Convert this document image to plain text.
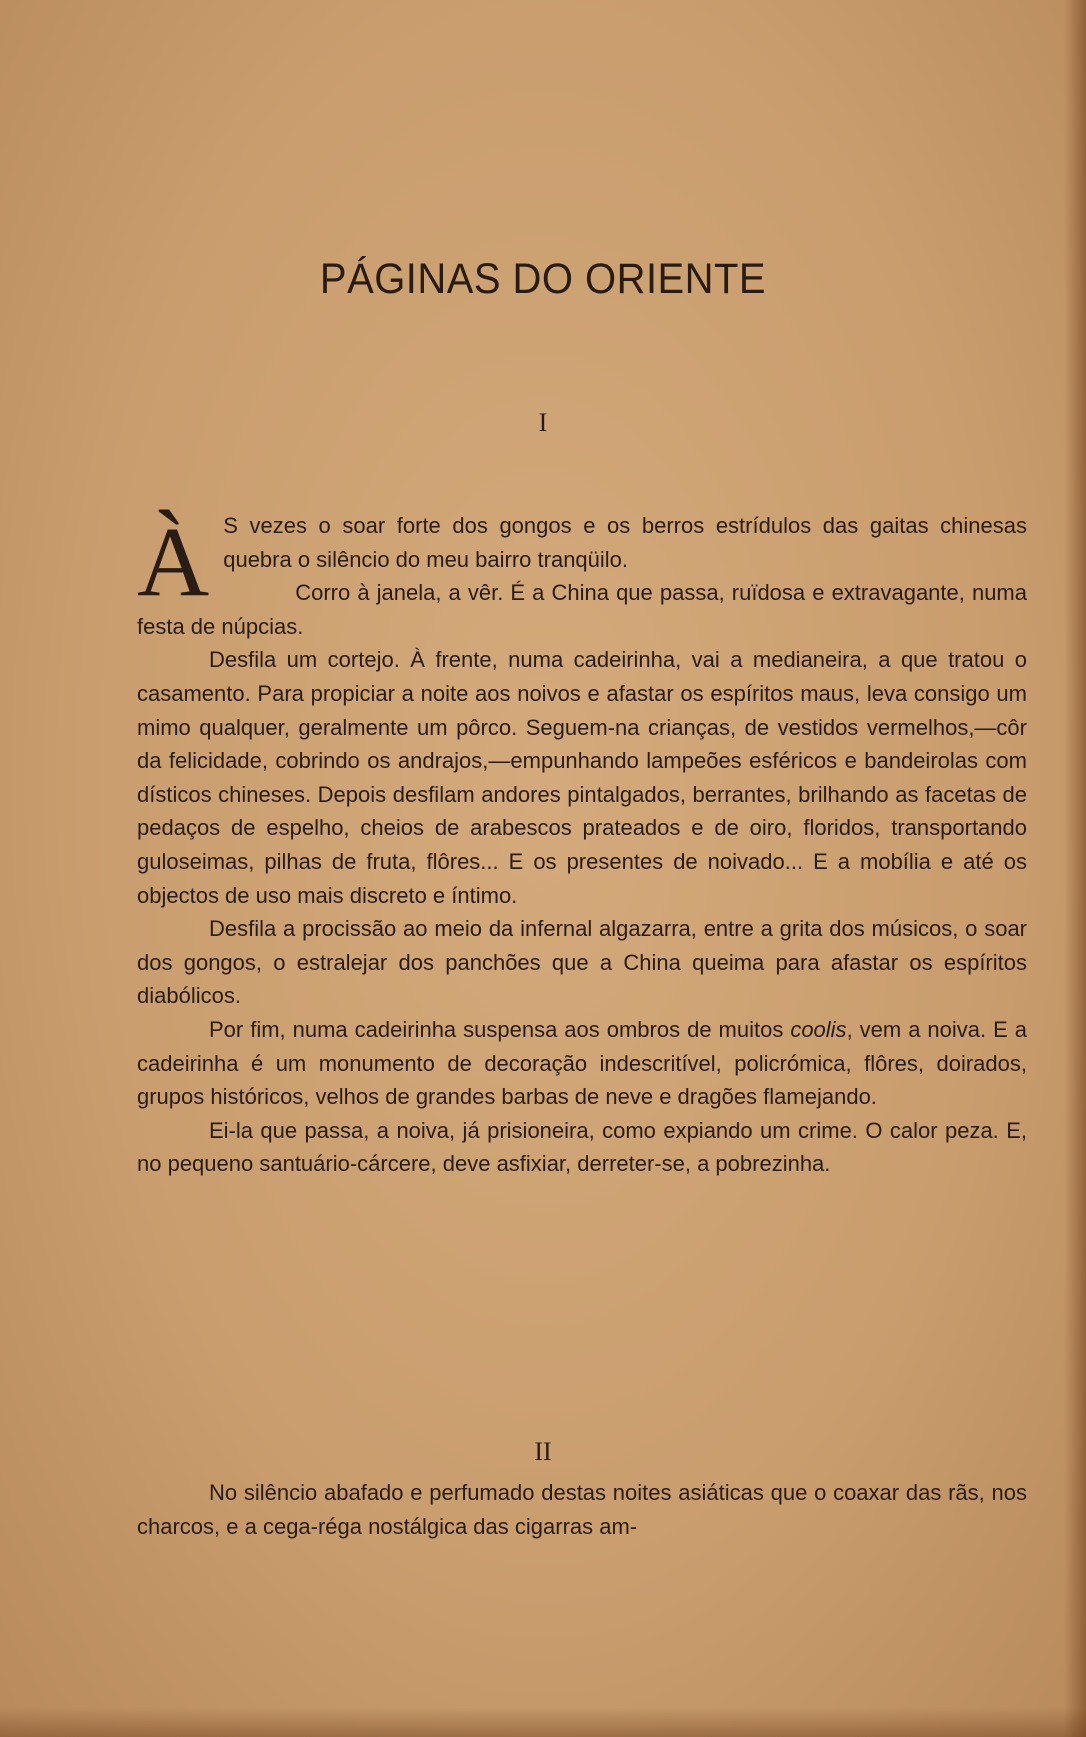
PÁGINAS DO ORIENTE
I

À S vezes o soar forte dos gongos e os berros estrídulos das gaitas chinesas quebra o silêncio do meu bairro tranqüilo.

Corro à janela, a vêr. É a China que passa, ruïdosa e extravagante, numa festa de núpcias.

Desfila um cortejo. À frente, numa cadeirinha, vai a medianeira, a que tratou o casamento. Para propiciar a noite aos noivos e afastar os espíritos maus, leva consigo um mimo qualquer, geralmente um pôrco. Seguem-na crianças, de vestidos vermelhos,—côr da felicidade, cobrindo os andrajos,—empunhando lampeões esféricos e bandeirolas com dísticos chineses. Depois desfilam andores pintalgados, berrantes, brilhando as facetas de pedaços de espelho, cheios de arabescos prateados e de oiro, floridos, transportando guloseimas, pilhas de fruta, flôres... E os presentes de noivado... E a mobília e até os objectos de uso mais discreto e íntimo.

Desfila a procissão ao meio da infernal algazarra, entre a grita dos músicos, o soar dos gongos, o estralejar dos panchões que a China queima para afastar os espíritos diabólicos.

Por fim, numa cadeirinha suspensa aos ombros de muitos coolis, vem a noiva. E a cadeirinha é um monumento de decoração indescritível, policrómica, flôres, doirados, grupos históricos, velhos de grandes barbas de neve e dragões flamejando.

Ei-la que passa, a noiva, já prisioneira, como expiando um crime. O calor peza. E, no pequeno santuário-cárcere, deve asfixiar, derreter-se, a pobrezinha.

II

No silêncio abafado e perfumado destas noites asiáticas que o coaxar das rãs, nos charcos, e a cega-réga nostálgica das cigarras am-
